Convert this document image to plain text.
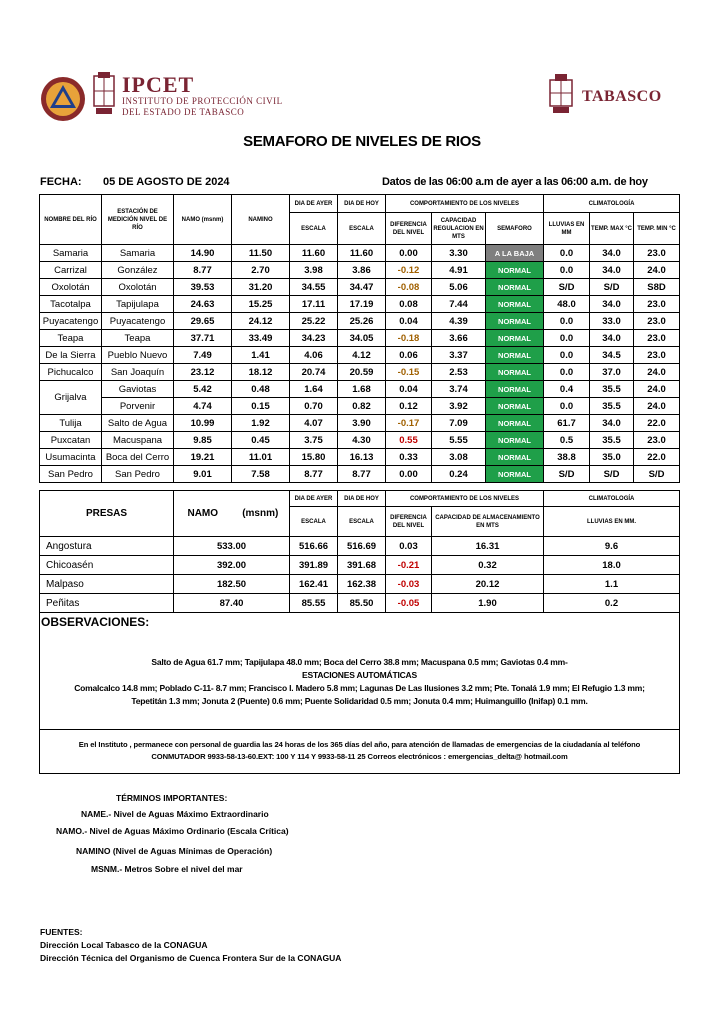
IPCET
INSTITUTO DE PROTECCIÓN CIVIL
DEL ESTADO DE TABASCO
TABASCO
SEMAFORO DE NIVELES DE RIOS
FECHA: 05 DE AGOSTO DE 2024	Datos de las 06:00 a.m de ayer a las 06:00 a.m. de hoy
NOMBRE DEL RÍO	ESTACIÓN DE MEDICIÓN NIVEL DE RÍO	NAMO (msnm)	NAMINO	DIA DE AYER	DIA DE HOY	COMPORTAMIENTO DE LOS NIVELES			CLIMATOLOGÍA		
				ESCALA	ESCALA	DIFERENCIA DEL NIVEL	CAPACIDAD REGULACION EN MTS	SEMAFORO	LLUVIAS EN MM	TEMP. MAX °C	TEMP. MIN °C
Samaria	Samaria	14.90	11.50	11.60	11.60	0.00	3.30	A LA BAJA	0.0	34.0	23.0
Carrizal	González	8.77	2.70	3.98	3.86	-0.12	4.91	NORMAL	0.0	34.0	24.0
Oxolotán	Oxolotán	39.53	31.20	34.55	34.47	-0.08	5.06	NORMAL	S/D	S/D	S8D
Tacotalpa	Tapijulapa	24.63	15.25	17.11	17.19	0.08	7.44	NORMAL	48.0	34.0	23.0
Puyacatengo	Puyacatengo	29.65	24.12	25.22	25.26	0.04	4.39	NORMAL	0.0	33.0	23.0
Teapa	Teapa	37.71	33.49	34.23	34.05	-0.18	3.66	NORMAL	0.0	34.0	23.0
De la Sierra	Pueblo Nuevo	7.49	1.41	4.06	4.12	0.06	3.37	NORMAL	0.0	34.5	23.0
Pichucalco	San Joaquín	23.12	18.12	20.74	20.59	-0.15	2.53	NORMAL	0.0	37.0	24.0
Grijalva	Gaviotas	5.42	0.48	1.64	1.68	0.04	3.74	NORMAL	0.4	35.5	24.0
	Porvenir	4.74	0.15	0.70	0.82	0.12	3.92	NORMAL	0.0	35.5	24.0
Tulija	Salto de Agua	10.99	1.92	4.07	3.90	-0.17	7.09	NORMAL	61.7	34.0	22.0
Puxcatan	Macuspana	9.85	0.45	3.75	4.30	0.55	5.55	NORMAL	0.5	35.5	23.0
Usumacinta	Boca del Cerro	19.21	11.01	15.80	16.13	0.33	3.08	NORMAL	38.8	35.0	22.0
San Pedro	San Pedro	9.01	7.58	8.77	8.77	0.00	0.24	NORMAL	S/D	S/D	S/D
PRESAS	NAMO	(msnm)	DIA DE AYER	DIA DE HOY	COMPORTAMIENTO DE LOS NIVELES		CLIMATOLOGÍA
			ESCALA	ESCALA	DIFERENCIA DEL NIVEL	CAPACIDAD DE ALMACENAMIENTO EN MTS	LLUVIAS EN MM.
Angostura	533.00		516.66	516.69	0.03	16.31	9.6
Chicoasén	392.00		391.89	391.68	-0.21	0.32	18.0
Malpaso	182.50		162.41	162.38	-0.03	20.12	1.1
Peñitas	87.40		85.55	85.50	-0.05	1.90	0.2
OBSERVACIONES:
Salto de Agua 61.7 mm; Tapijulapa 48.0 mm; Boca del Cerro 38.8 mm; Macuspana 0.5 mm; Gaviotas 0.4 mm-
ESTACIONES AUTOMÁTICAS
Comalcalco 14.8 mm; Poblado C-11- 8.7 mm; Francisco I. Madero 5.8 mm; Lagunas De Las Ilusiones 3.2 mm; Pte. Tonalá 1.9 mm; El Refugio 1.3 mm;
Tepetitán 1.3 mm; Jonuta 2 (Puente) 0.6 mm; Puente Solidaridad 0.5 mm; Jonuta 0.4 mm; Huimanguillo (Inifap) 0.1 mm.
En el Instituto , permanece con personal de guardia las 24 horas de los 365 días del año, para atención de llamadas de emergencias de la ciudadanía al teléfono
CONMUTADOR 9933-58-13-60.EXT: 100 Y 114 Y 9933-58-11 25 Correos electrónicos : emergencias_delta@ hotmail.com
TÉRMINOS IMPORTANTES:
NAME.- Nivel de Aguas Máximo Extraordinario
NAMO.- Nivel de Aguas Máximo Ordinario (Escala Crítica)
NAMINO (Nivel de Aguas Mínimas de Operación)
MSNM.- Metros Sobre el nivel del mar
FUENTES:
Dirección Local Tabasco de la CONAGUA
Dirección Técnica del Organismo de Cuenca Frontera Sur de la CONAGUA
